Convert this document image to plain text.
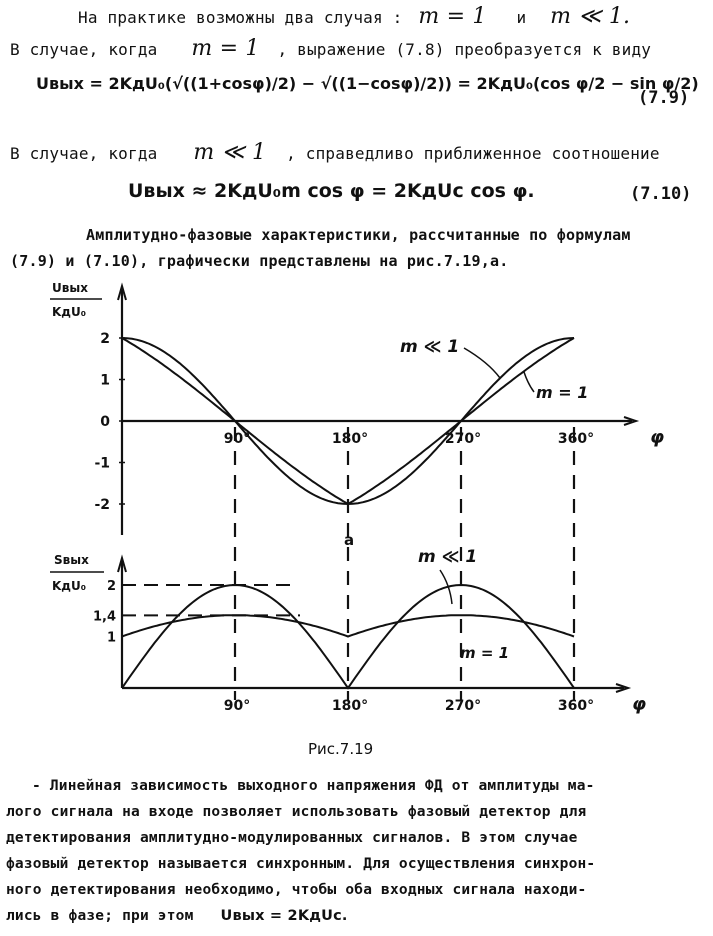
На практике возможны два случая : m = 1 и m ≪ 1.
В случае, когда m = 1 , выражение (7.8) преобразуется к виду
Uвых = 2KдU₀(√((1+cosφ)/2) − √((1−cosφ)/2)) = 2KдU₀(cos φ/2 − sin φ/2)
(7.9)
В случае, когда m ≪ 1 , справедливо приближенное соотношение
Uвых ≈ 2KдU₀m cos φ = 2KдUc cos φ.	(7.10)
Амплитудно-фазовые характеристики, рассчитанные по формулам
(7.9) и (7.10), графически представлены на рис.7.19,а.
Uвых
KдU₀
2
1
0
-1
-2
90°	180°	270°	360°	φ
m ≪ 1
m = 1
a
Sвых
KдU₀ 2
1,4
1
90°	180°	270°	360° φ
m ≪ 1
m = 1
Рис.7.19
- Линейная зависимость выходного напряжения ФД от амплитуды ма-
лого сигнала на входе позволяет использовать фазовый детектор для
детектирования амплитудно-модулированных сигналов. В этом случае
фазовый детектор называется синхронным. Для осуществления синхрон-
ного детектирования необходимо, чтобы оба входных сигнала находи-
лись в фазе; при этом Uвых = 2KдUc.
